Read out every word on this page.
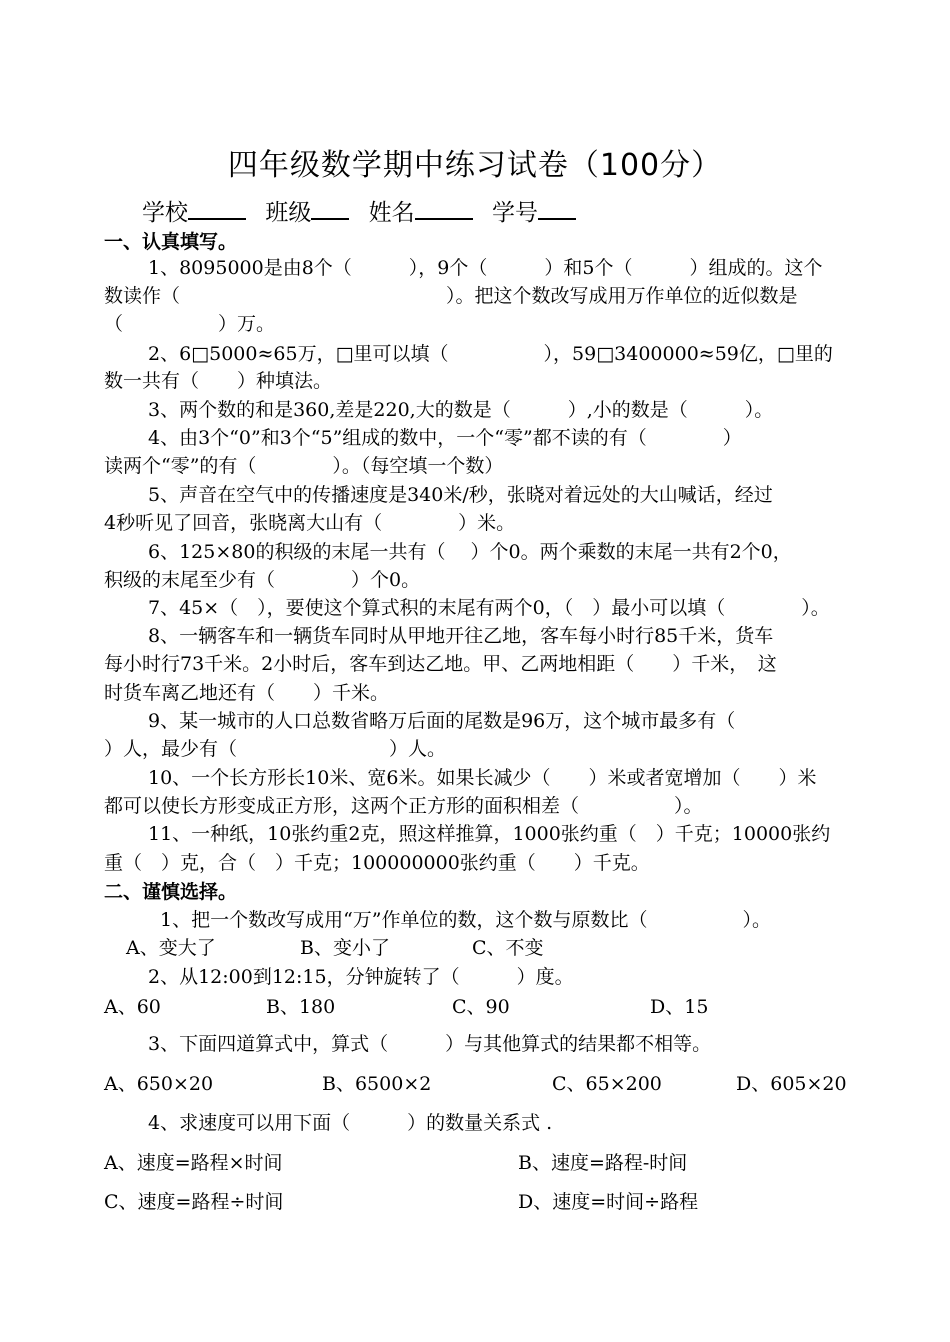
四年级数学期中练习试卷（100分）
学校	班级 姓名	学号
一、认真填写。
1、8095000是由8个（　　　），9个（　　　）和5个（　　　）组成的。这个
数读作（　　　　　　　　　　　　　　）。把这个数改写成用万作单位的近似数是
（　　　　　）万。
2、6□5000≈65万，□里可以填（　　　　　），59□3400000≈59亿，□里的
数一共有（　　）种填法。
3、两个数的和是360,差是220,大的数是（　　　）,小的数是（　　　）。
4、由3个“0”和3个“5”组成的数中，一个“零”都不读的有（　　　　）
读两个“零”的有（　　　　）。（每空填一个数）
5、声音在空气中的传播速度是340米/秒，张晓对着远处的大山喊话，经过
4秒听见了回音，张晓离大山有（　　　　）米。
6、125×80的积级的末尾一共有（　 ）个0。两个乘数的末尾一共有2个0，
积级的末尾至少有（　　　　）个0。
7、45×（　），要使这个算式积的末尾有两个0，（　）最小可以填（　　　　）。
8、一辆客车和一辆货车同时从甲地开往乙地，客车每小时行85千米，货车
每小时行73千米。2小时后，客车到达乙地。甲、乙两地相距（　　）千米，　这
时货车离乙地还有（　　）千米。
9、某一城市的人口总数省略万后面的尾数是96万，这个城市最多有（
）人，最少有（　　　　　　　　）人。
10、一个长方形长10米、宽6米。如果长减少（　　）米或者宽增加（　　）米
都可以使长方形变成正方形，这两个正方形的面积相差（　　　　　）。
11、一种纸，10张约重2克，照这样推算，1000张约重（　）千克；10000张约
重（　）克，合（　）千克；100000000张约重（　　）千克。
二、谨慎选择。
1、把一个数改写成用“万”作单位的数，这个数与原数比（　　　　　）。
A、变大了	B、变小了	C、不变
2、从12:00到12:15，分钟旋转了（　　　）度。
A、60	B、180	C、90	D、15
3、下面四道算式中，算式（　　　）与其他算式的结果都不相等。
A、650×20	B、6500×2	C、65×200	D、605×20
4、求速度可以用下面（　　　）的数量关系式 .
A、速度=路程×时间	B、速度=路程-时间
C、速度=路程÷时间	D、速度=时间÷路程
